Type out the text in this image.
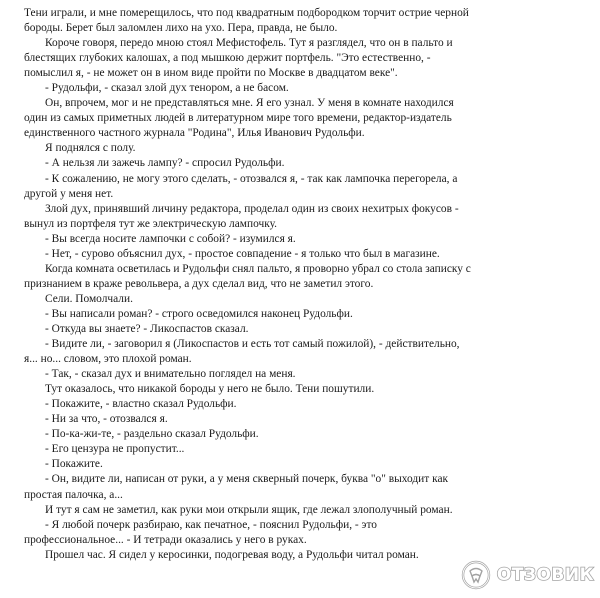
Тени играли, и мне померещилось, что под квадратным подбородком торчит острие черной
бороды. Берет был заломлен лихо на ухо. Пера, правда, не было.
Короче говоря, передо мною стоял Мефистофель. Тут я разглядел, что он в пальто и
блестящих глубоких калошах, а под мышкою держит портфель. "Это естественно, -
помыслил я, - не может он в ином виде пройти по Москве в двадцатом веке".
- Рудольфи, - сказал злой дух тенором, а не басом.
Он, впрочем, мог и не представляться мне. Я его узнал. У меня в комнате находился
один из самых приметных людей в литературном мире того времени, редактор-издатель
единственного частного журнала "Родина", Илья Иванович Рудольфи.
Я поднялся с полу.
- А нельзя ли зажечь лампу? - спросил Рудольфи.
- К сожалению, не могу этого сделать, - отозвался я, - так как лампочка перегорела, а
другой у меня нет.
Злой дух, принявший личину редактора, проделал один из своих нехитрых фокусов -
вынул из портфеля тут же электрическую лампочку.
- Вы всегда носите лампочки с собой? - изумился я.
- Нет, - сурово объяснил дух, - простое совпадение - я только что был в магазине.
Когда комната осветилась и Рудольфи снял пальто, я проворно убрал со стола записку с
признанием в краже револьвера, а дух сделал вид, что не заметил этого.
Сели. Помолчали.
- Вы написали роман? - строго осведомился наконец Рудольфи.
- Откуда вы знаете? - Ликоспастов сказал.
- Видите ли, - заговорил я (Ликоспастов и есть тот самый пожилой), - действительно,
я... но... словом, это плохой роман.
- Так, - сказал дух и внимательно поглядел на меня.
Тут оказалось, что никакой бороды у него не было. Тени пошутили.
- Покажите, - властно сказал Рудольфи.
- Ни за что, - отозвался я.
- По-ка-жи-те, - раздельно сказал Рудольфи.
- Его цензура не пропустит...
- Покажите.
- Он, видите ли, написан от руки, а у меня скверный почерк, буква "о" выходит как
простая палочка, а...
И тут я сам не заметил, как руки мои открыли ящик, где лежал злополучный роман.
- Я любой почерк разбираю, как печатное, - пояснил Рудольфи, - это
профессиональное... - И тетради оказались у него в руках.
Прошел час. Я сидел у керосинки, подогревая воду, а Рудольфи читал роман.
ОТЗОВИК
